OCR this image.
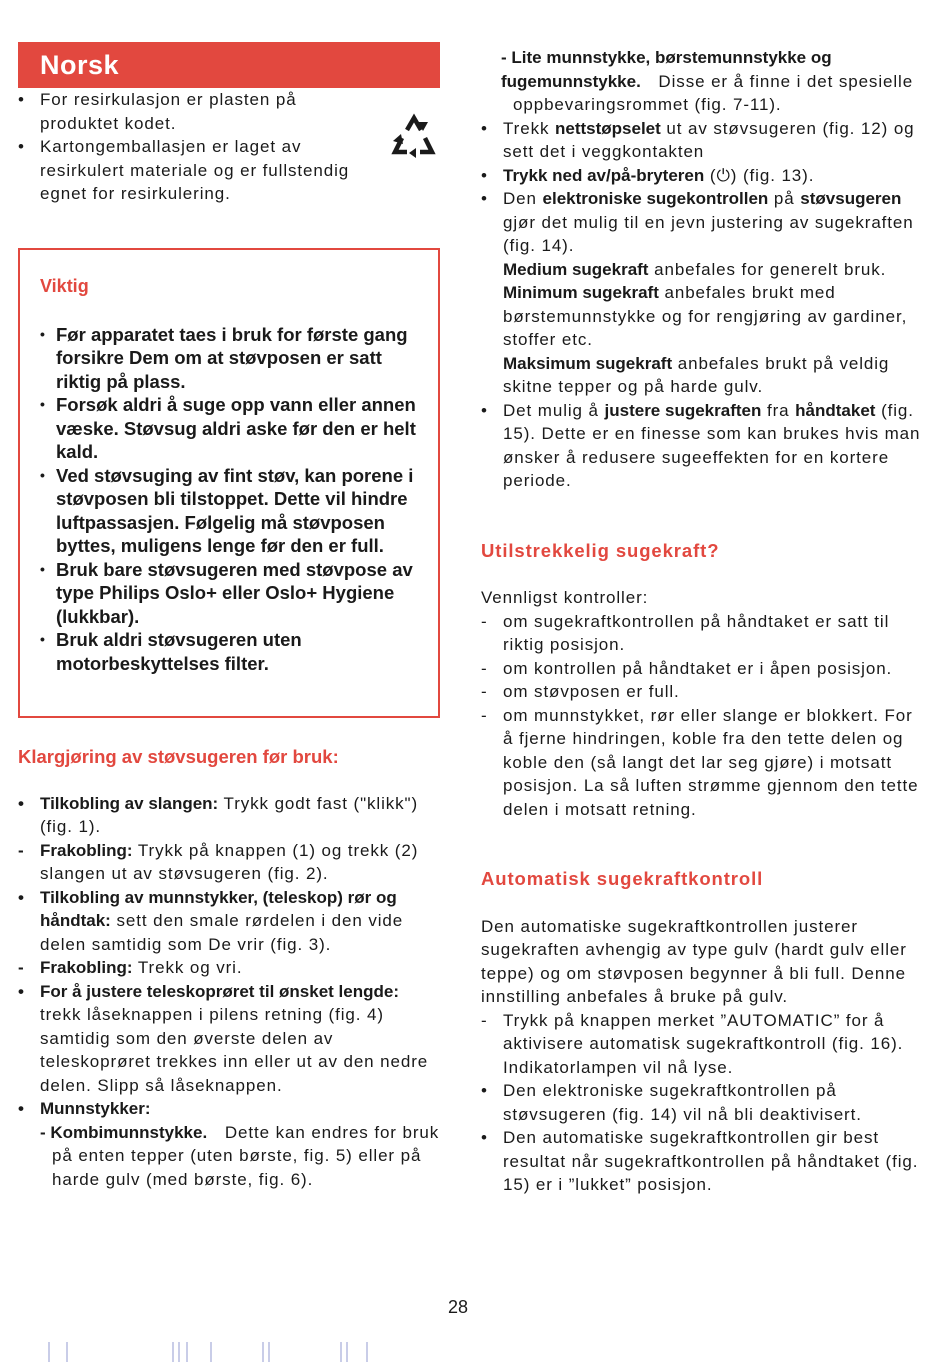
Norsk
• For resirkulasjon er plasten på produktet kodet.
• Kartongemballasjen er laget av resirkulert materiale og er fullstendig egnet for resirkulering.
Viktig
• Før apparatet taes i bruk for første gang forsikre Dem om at støvposen er satt riktig på plass.
• Forsøk aldri å suge opp vann eller annen væske. Støvsug aldri aske før den er helt kald.
• Ved støvsuging av fint støv, kan porene i støvposen bli tilstoppet. Dette vil hindre luftpassasjen. Følgelig må støvposen byttes, muligens lenge før den er full.
• Bruk bare støvsugeren med støvpose av type Philips Oslo+ eller Oslo+ Hygiene (lukkbar).
• Bruk aldri støvsugeren uten motorbeskyttelses filter.
Klargjøring av støvsugeren før bruk:
• Tilkobling av slangen: Trykk godt fast ("klikk") (fig. 1).
- Frakobling: Trykk på knappen (1) og trekk (2) slangen ut av støvsugeren (fig. 2).
• Tilkobling av munnstykker, (teleskop) rør og håndtak: sett den smale rørdelen i den vide delen samtidig som De vrir (fig. 3).
- Frakobling: Trekk og vri.
• For å justere teleskoprøret til ønsket lengde: trekk låseknappen i pilens retning (fig. 4) samtidig som den øverste delen av teleskoprøret trekkes inn eller ut av den nedre delen. Slipp så låseknappen.
• Munnstykker:
- Kombimunnstykke. Dette kan endres for bruk på enten tepper (uten børste, fig. 5) eller på harde gulv (med børste, fig. 6).
- Lite munnstykke, børstemunnstykke og fugemunnstykke. Disse er å finne i det spesielle oppbevaringsrommet (fig. 7-11).
• Trekk nettstøpselet ut av støvsugeren (fig. 12) og sett det i veggkontakten
• Trykk ned av/på-bryteren (⏻) (fig. 13).
• Den elektroniske sugekontrollen på støvsugeren gjør det mulig til en jevn justering av sugekraften (fig. 14).
Medium sugekraft anbefales for generelt bruk.
Minimum sugekraft anbefales brukt med børstemunnstykke og for rengjøring av gardiner, stoffer etc.
Maksimum sugekraft anbefales brukt på veldig skitne tepper og på harde gulv.
• Det mulig å justere sugekraften fra håndtaket (fig. 15). Dette er en finesse som kan brukes hvis man ønsker å redusere sugeeffekten for en kortere periode.
Utilstrekkelig sugekraft?
Vennligst kontroller:
- om sugekraftkontrollen på håndtaket er satt til riktig posisjon.
- om kontrollen på håndtaket er i åpen posisjon.
- om støvposen er full.
- om munnstykket, rør eller slange er blokkert. For å fjerne hindringen, koble fra den tette delen og koble den (så langt det lar seg gjøre) i motsatt posisjon. La så luften strømme gjennom den tette delen i motsatt retning.
Automatisk sugekraftkontroll
Den automatiske sugekraftkontrollen justerer sugekraften avhengig av type gulv (hardt gulv eller teppe) og om støvposen begynner å bli full. Denne innstilling anbefales å bruke på gulv.
- Trykk på knappen merket ”AUTOMATIC” for å aktivisere automatisk sugekraftkontroll (fig. 16).
Indikatorlampen vil nå lyse.
• Den elektroniske sugekraftkontrollen på støvsugeren (fig. 14) vil nå bli deaktivisert.
• Den automatiske sugekraftkontrollen gir best resultat når sugekraftkontrollen på håndtaket (fig. 15) er i ”lukket” posisjon.
28
